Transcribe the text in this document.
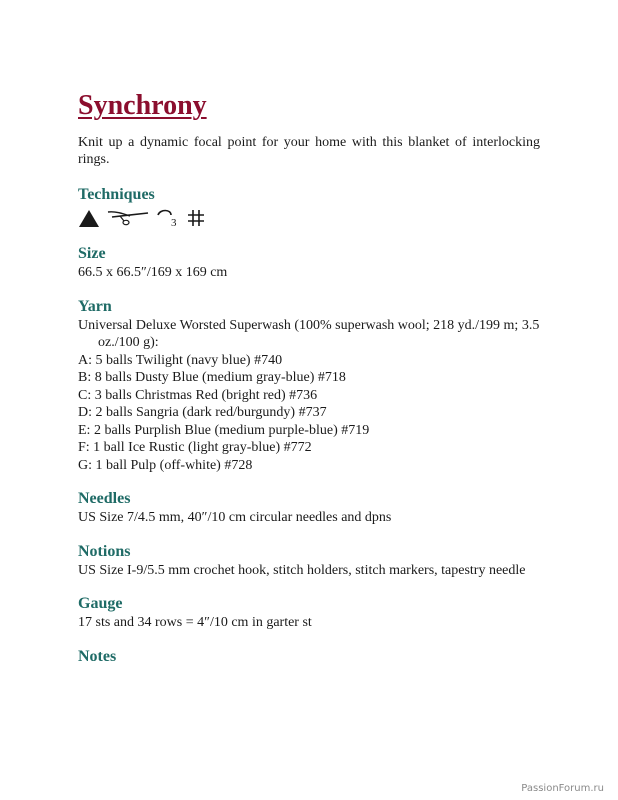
Synchrony

Knit up a dynamic focal point for your home with this blanket of interlocking rings.

Techniques
3
Size

66.5 x 66.5″/169 x 169 cm

Yarn

Universal Deluxe Worsted Superwash (100% superwash wool; 218 yd./199 m; 3.5 oz./100 g):

A: 5 balls Twilight (navy blue) #740
B: 8 balls Dusty Blue (medium gray-blue) #718
C: 3 balls Christmas Red (bright red) #736
D: 2 balls Sangria (dark red/burgundy) #737
E: 2 balls Purplish Blue (medium purple-blue) #719
F: 1 ball Ice Rustic (light gray-blue) #772
G: 1 ball Pulp (off-white) #728
Needles

US Size 7/4.5 mm, 40″/10 cm circular needles and dpns

Notions

US Size I-9/5.5 mm crochet hook, stitch holders, stitch markers, tapestry needle

Gauge

17 sts and 34 rows = 4″/10 cm in garter st

Notes
PassionForum.ru
